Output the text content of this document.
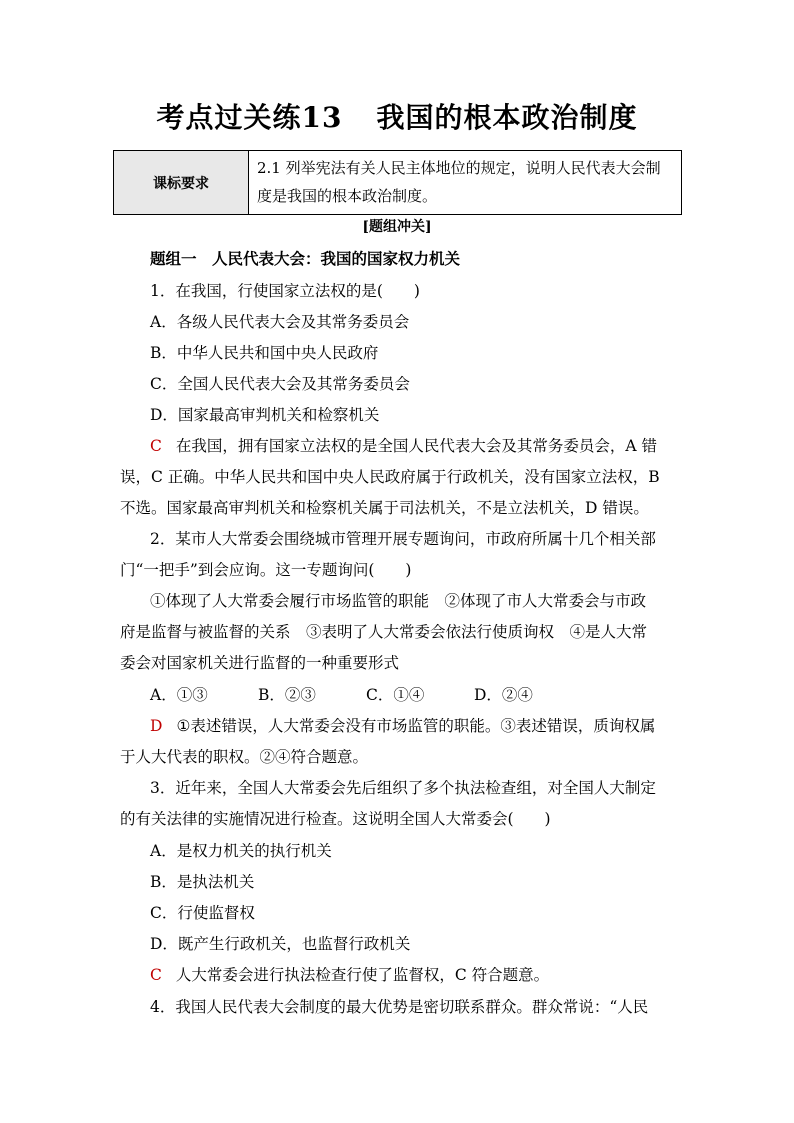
考点过关练13 我国的根本政治制度
课标要求	
2.1 列举宪法有关人民主体地位的规定，说明人民代表大会制
度是我国的根本政治制度。
[题组冲关]
题组一　人民代表大会：我国的国家权力机关
1．在我国，行使国家立法权的是(　　)
A．各级人民代表大会及其常务委员会
B．中华人民共和国中央人民政府
C．全国人民代表大会及其常务委员会
D．国家最高审判机关和检察机关
C 在我国，拥有国家立法权的是全国人民代表大会及其常务委员会，A 错
误，C 正确。中华人民共和国中央人民政府属于行政机关，没有国家立法权，B
不选。国家最高审判机关和检察机关属于司法机关，不是立法机关，D 错误。
2．某市人大常委会围绕城市管理开展专题询问，市政府所属十几个相关部
门“一把手”到会应询。这一专题询问(　　)
①体现了人大常委会履行市场监管的职能　②体现了市人大常委会与市政
府是监督与被监督的关系　③表明了人大常委会依法行使质询权　④是人大常
委会对国家机关进行监督的一种重要形式
A．①③	B．②③	C．①④	D．②④
D ①表述错误，人大常委会没有市场监管的职能。③表述错误，质询权属
于人大代表的职权。②④符合题意。
3．近年来，全国人大常委会先后组织了多个执法检查组，对全国人大制定
的有关法律的实施情况进行检查。这说明全国人大常委会(　　)
A．是权力机关的执行机关
B．是执法机关
C．行使监督权
D．既产生行政机关，也监督行政机关
C 人大常委会进行执法检查行使了监督权，C 符合题意。
4．我国人民代表大会制度的最大优势是密切联系群众。群众常说：“人民
